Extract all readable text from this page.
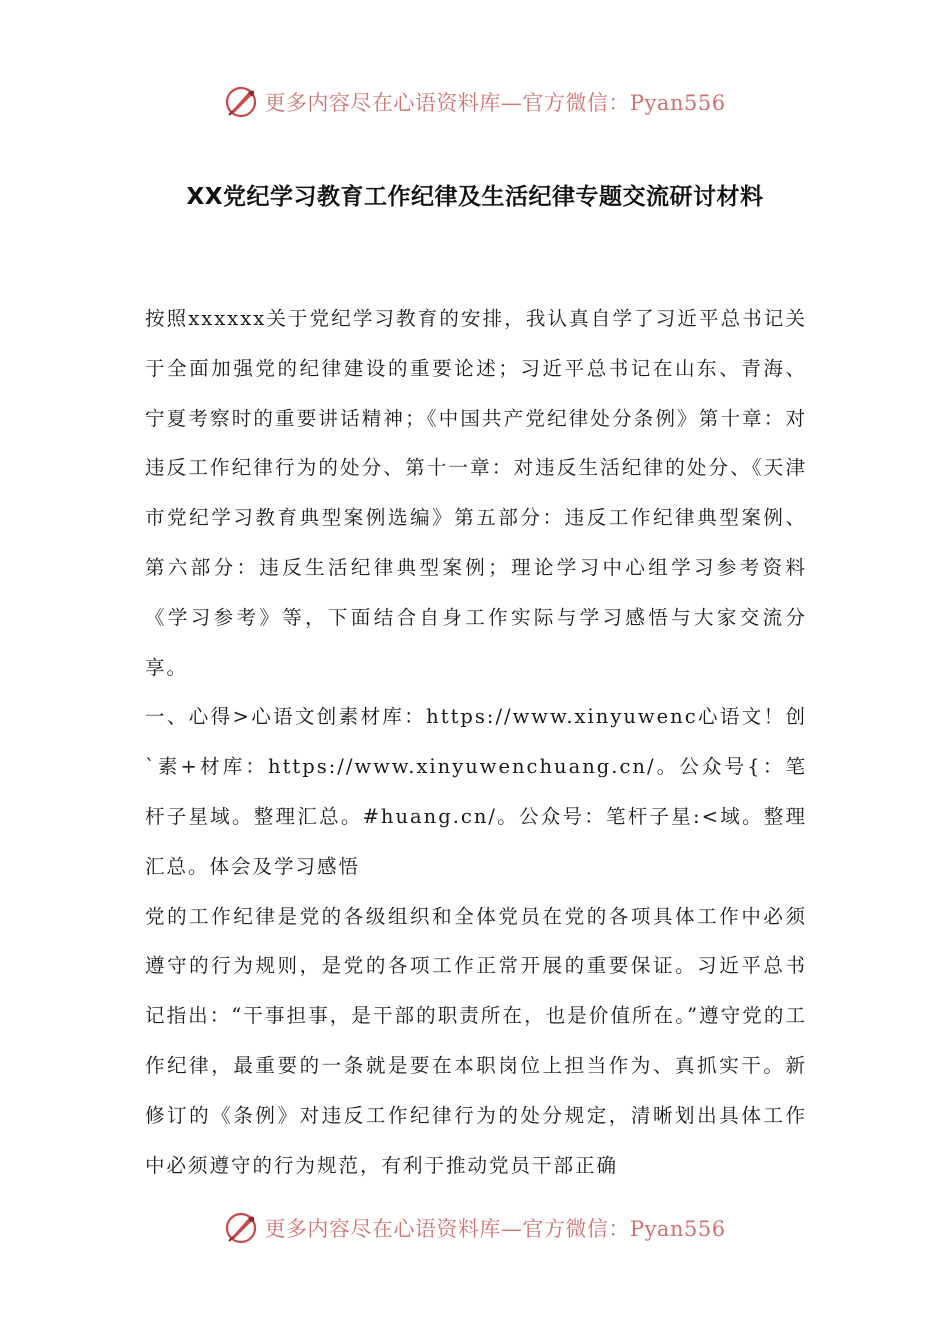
更多内容尽在心语资料库—官方微信：Pyan556
XX党纪学习教育工作纪律及生活纪律专题交流研讨材料

按照xxxxxx关于党纪学习教育的安排，我认真自学了习近平总书记关于全面加强党的纪律建设的重要论述；习近平总书记在山东、青海、宁夏考察时的重要讲话精神；《中国共产党纪律处分条例》第十章：对违反工作纪律行为的处分、第十一章：对违反生活纪律的处分、《天津市党纪学习教育典型案例选编》第五部分：违反工作纪律典型案例、第六部分：违反生活纪律典型案例；理论学习中心组学习参考资料《学习参考》等，下面结合自身工作实际与学习感悟与大家交流分享。

一、心得>心语文创素材库：https://www.xinyuwenc心语文！创`素+材库：https://www.xinyuwenchuang.cn/。公众号{：笔杆子星域。整理汇总。#huang.cn/。公众号：笔杆子星:<域。整理汇总。体会及学习感悟

党的工作纪律是党的各级组织和全体党员在党的各项具体工作中必须遵守的行为规则，是党的各项工作正常开展的重要保证。习近平总书记指出：“干事担事，是干部的职责所在，也是价值所在。”遵守党的工作纪律，最重要的一条就是要在本职岗位上担当作为、真抓实干。新修订的《条例》对违反工作纪律行为的处分规定，清晰划出具体工作中必须遵守的行为规范，有利于推动党员干部正确

更多内容尽在心语资料库—官方微信：Pyan556
